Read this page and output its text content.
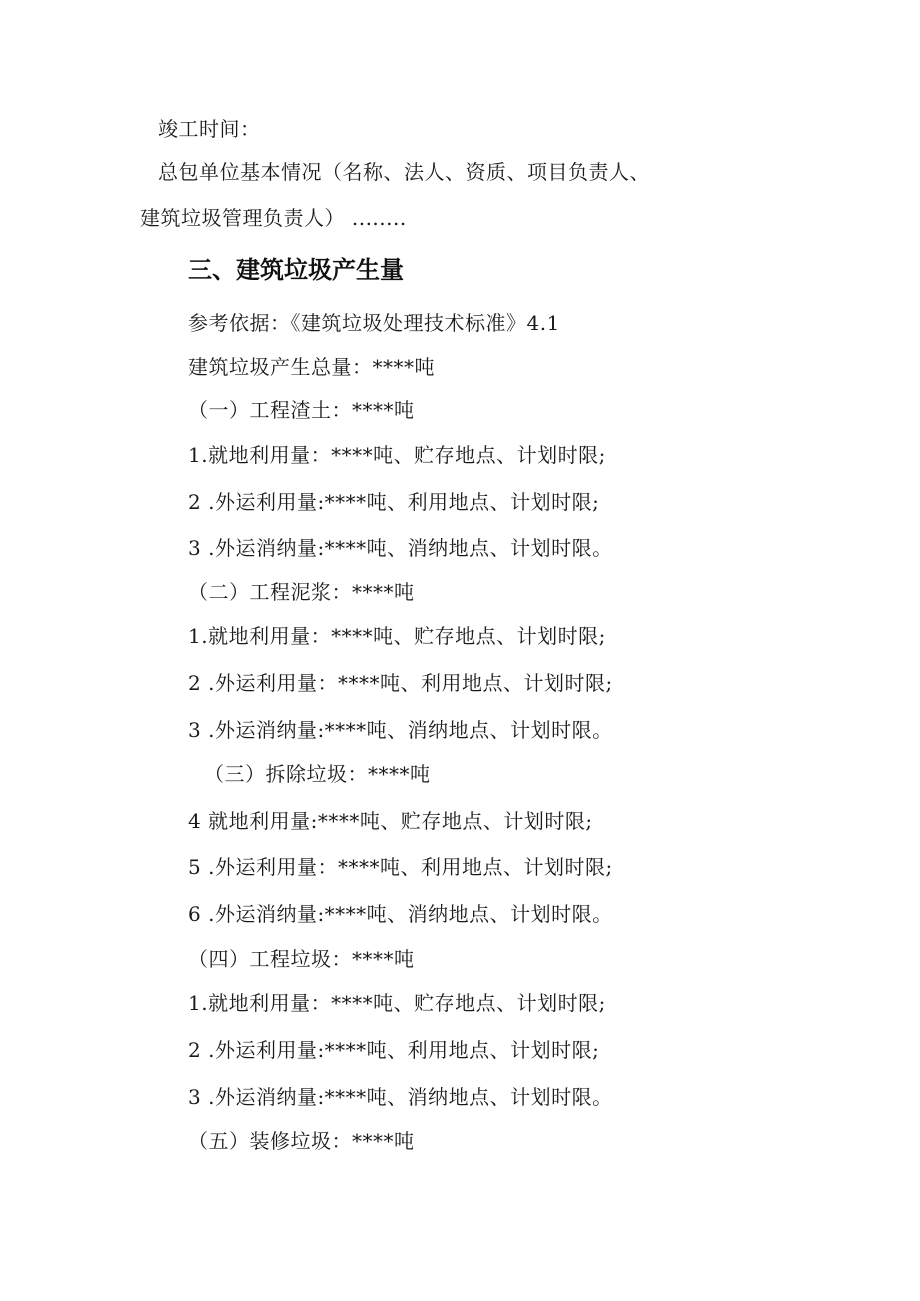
竣工时间：
总包单位基本情况（名称、法人、资质、项目负责人、
建筑垃圾管理负责人） ........
三、建筑垃圾产生量
参考依据：《建筑垃圾处理技术标准》4.1
建筑垃圾产生总量：****吨
（一）工程渣土：****吨
1.就地利用量：****吨、贮存地点、计划时限;
2 .外运利用量:****吨、利用地点、计划时限;
3 .外运消纳量:****吨、消纳地点、计划时限。
（二）工程泥浆：****吨
1.就地利用量：****吨、贮存地点、计划时限;
2 .外运利用量：****吨、利用地点、计划时限;
3 .外运消纳量:****吨、消纳地点、计划时限。
（三）拆除垃圾：****吨
4 就地利用量:****吨、贮存地点、计划时限;
5 .外运利用量：****吨、利用地点、计划时限;
6 .外运消纳量:****吨、消纳地点、计划时限。
（四）工程垃圾：****吨
1.就地利用量：****吨、贮存地点、计划时限;
2 .外运利用量:****吨、利用地点、计划时限;
3 .外运消纳量:****吨、消纳地点、计划时限。
（五）装修垃圾：****吨
